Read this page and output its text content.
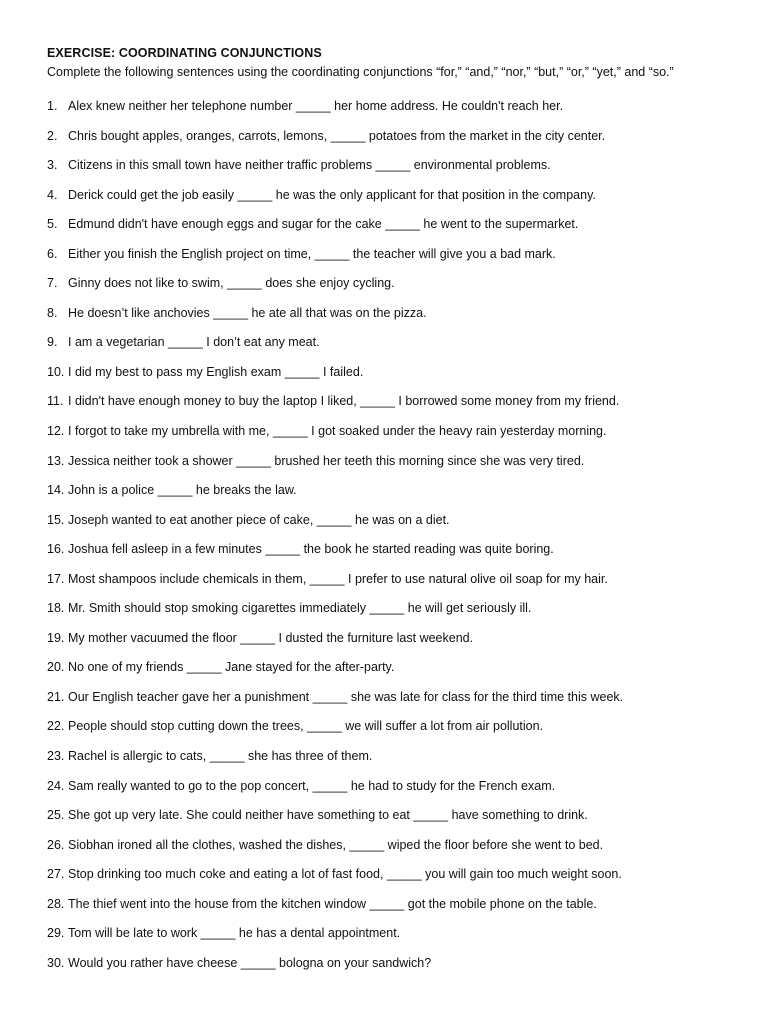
EXERCISE: COORDINATING CONJUNCTIONS
Complete the following sentences using the coordinating conjunctions “for,” “and,” “nor,” “but,” “or,” “yet,” and “so.”
1. Alex knew neither her telephone number _____ her home address. He couldn't reach her.
2. Chris bought apples, oranges, carrots, lemons, _____ potatoes from the market in the city center.
3. Citizens in this small town have neither traffic problems _____ environmental problems.
4. Derick could get the job easily _____ he was the only applicant for that position in the company.
5. Edmund didn't have enough eggs and sugar for the cake _____ he went to the supermarket.
6. Either you finish the English project on time, _____ the teacher will give you a bad mark.
7. Ginny does not like to swim, _____ does she enjoy cycling.
8. He doesn’t like anchovies _____ he ate all that was on the pizza.
9. I am a vegetarian _____ I don’t eat any meat.
10. I did my best to pass my English exam _____ I failed.
11. I didn't have enough money to buy the laptop I liked, _____ I borrowed some money from my friend.
12. I forgot to take my umbrella with me, _____ I got soaked under the heavy rain yesterday morning.
13. Jessica neither took a shower _____ brushed her teeth this morning since she was very tired.
14. John is a police _____ he breaks the law.
15. Joseph wanted to eat another piece of cake, _____ he was on a diet.
16. Joshua fell asleep in a few minutes _____ the book he started reading was quite boring.
17. Most shampoos include chemicals in them, _____ I prefer to use natural olive oil soap for my hair.
18. Mr. Smith should stop smoking cigarettes immediately _____ he will get seriously ill.
19. My mother vacuumed the floor _____ I dusted the furniture last weekend.
20. No one of my friends _____ Jane stayed for the after-party.
21. Our English teacher gave her a punishment _____ she was late for class for the third time this week.
22. People should stop cutting down the trees, _____ we will suffer a lot from air pollution.
23. Rachel is allergic to cats, _____ she has three of them.
24. Sam really wanted to go to the pop concert, _____ he had to study for the French exam.
25. She got up very late. She could neither have something to eat _____ have something to drink.
26. Siobhan ironed all the clothes, washed the dishes, _____ wiped the floor before she went to bed.
27. Stop drinking too much coke and eating a lot of fast food, _____ you will gain too much weight soon.
28. The thief went into the house from the kitchen window _____ got the mobile phone on the table.
29. Tom will be late to work _____ he has a dental appointment.
30. Would you rather have cheese _____ bologna on your sandwich?
